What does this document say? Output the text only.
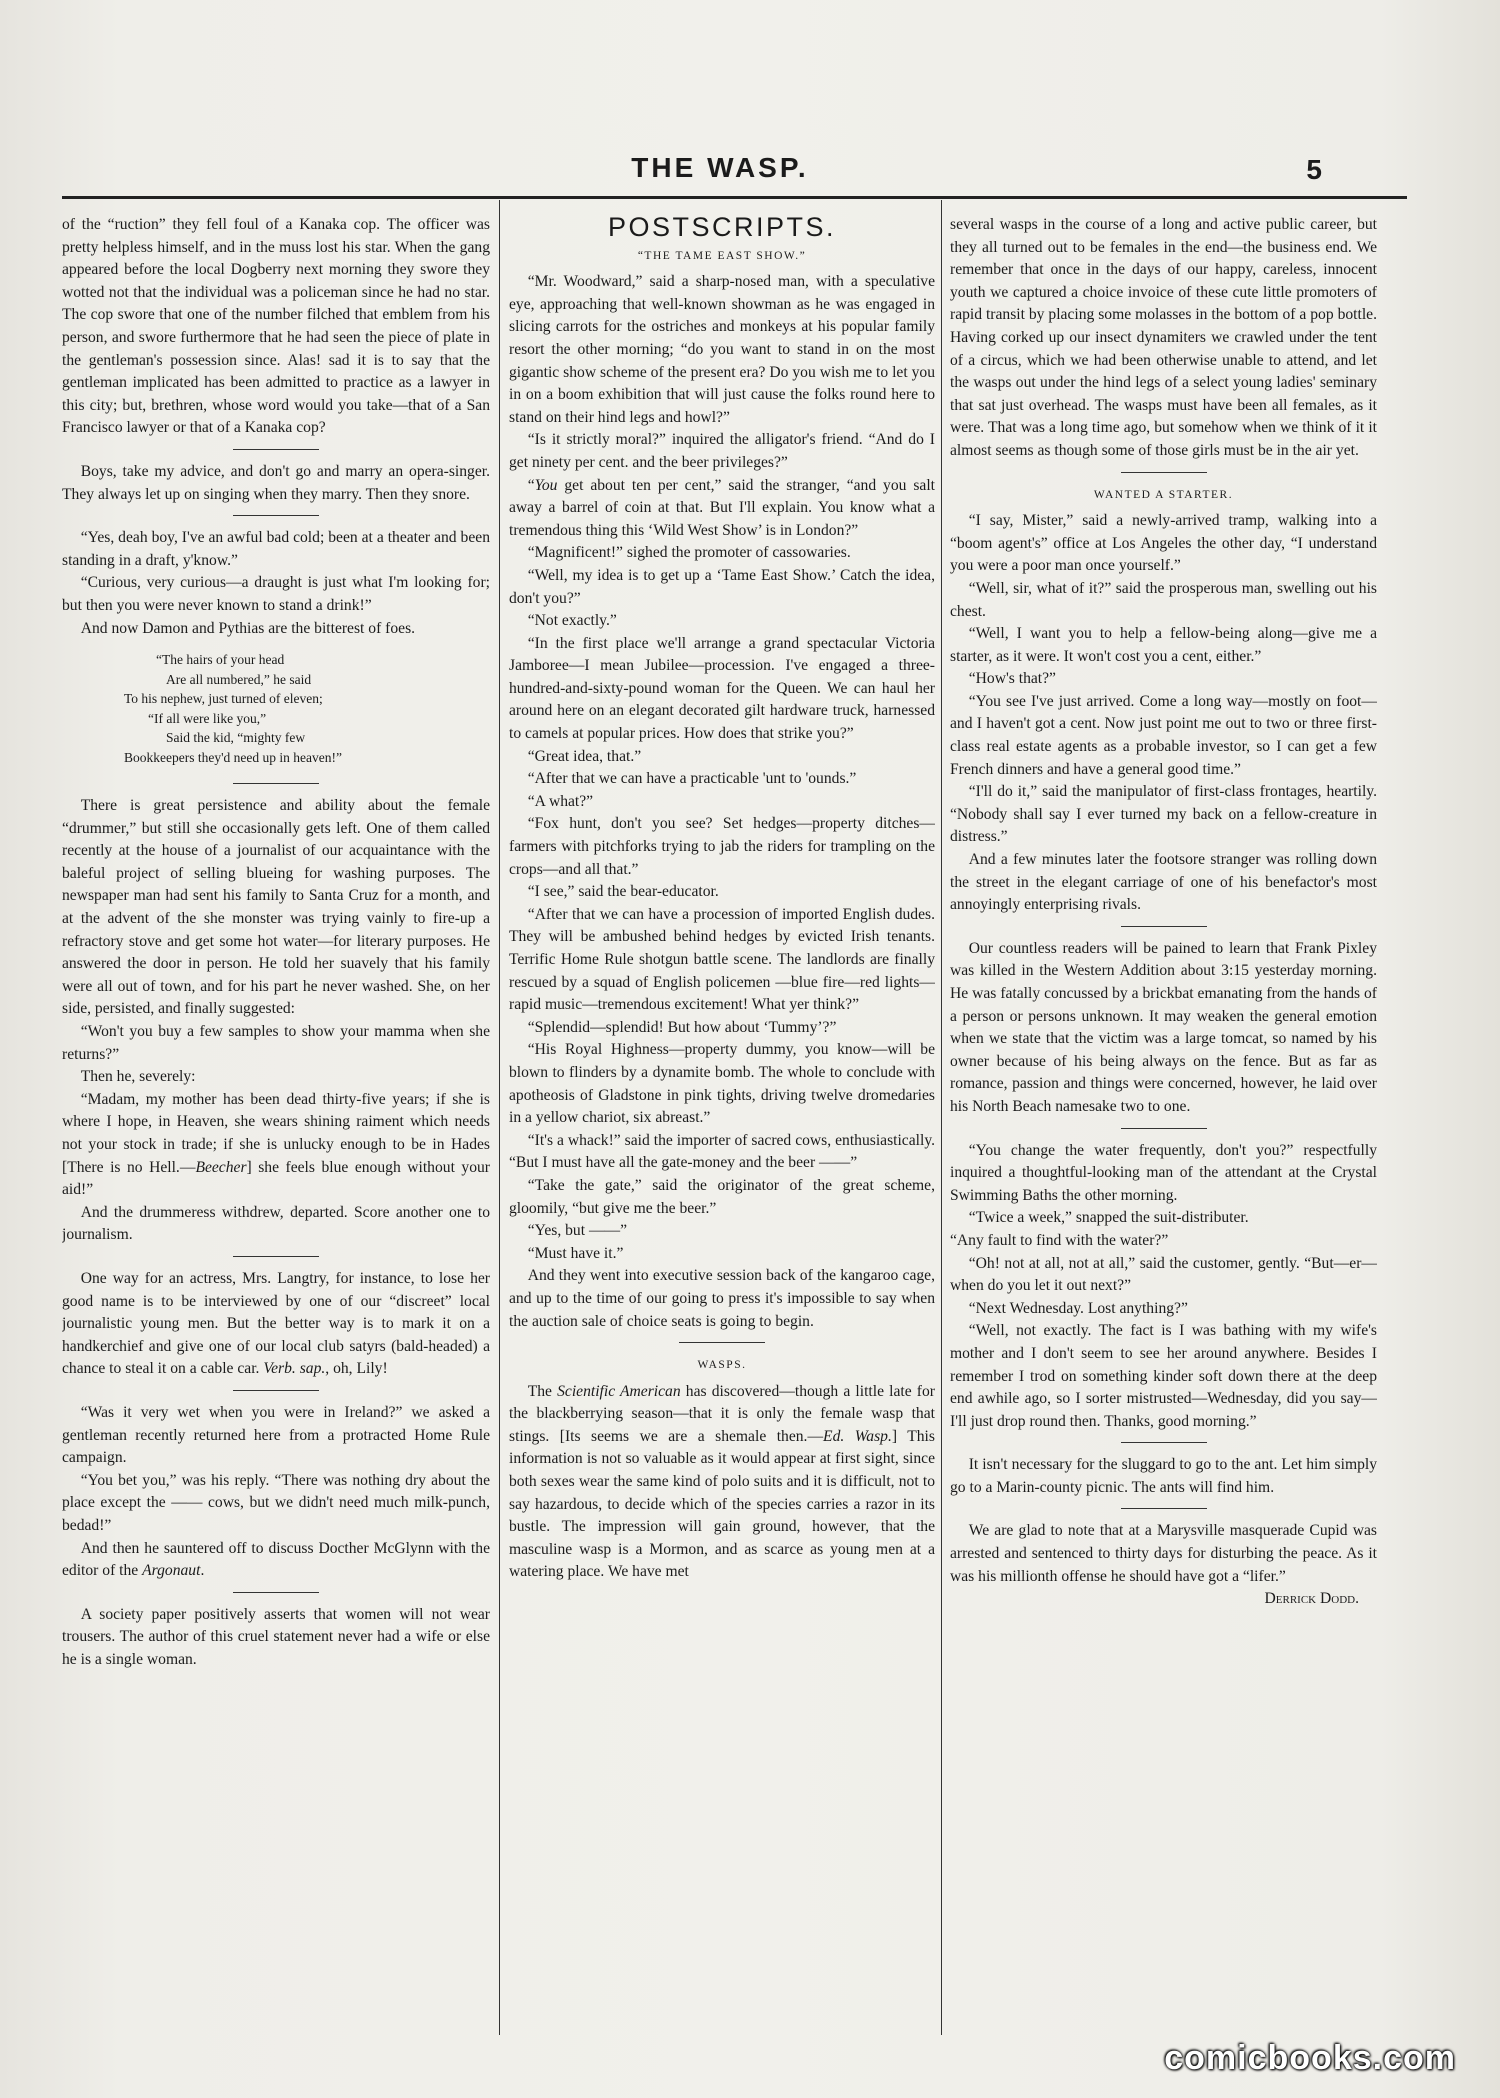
THE WASP.	5

of the “ruction” they fell foul of a Kanaka cop. The officer was pretty helpless himself, and in the muss lost his star. When the gang appeared before the local Dogberry next morning they swore they wotted not that the individual was a policeman since he had no star. The cop swore that one of the number filched that emblem from his person, and swore furthermore that he had seen the piece of plate in the gentleman's possession since. Alas! sad it is to say that the gentleman implicated has been admitted to practice as a lawyer in this city; but, brethren, whose word would you take—that of a San Francisco lawyer or that of a Kanaka cop?

Boys, take my advice, and don't go and marry an opera-singer. They always let up on singing when they marry. Then they snore.

“Yes, deah boy, I've an awful bad cold; been at a theater and been standing in a draft, y'know.”

“Curious, very curious—a draught is just what I'm looking for; but then you were never known to stand a drink!”

And now Damon and Pythias are the bitterest of foes.

“The hairs of your head
Are all numbered,” he said
To his nephew, just turned of eleven;
“If all were like you,”
Said the kid, “mighty few
Bookkeepers they'd need up in heaven!”

There is great persistence and ability about the female “drummer,” but still she occasionally gets left. One of them called recently at the house of a journalist of our acquaintance with the baleful project of selling blueing for washing purposes. The newspaper man had sent his family to Santa Cruz for a month, and at the advent of the she monster was trying vainly to fire-up a refractory stove and get some hot water—for literary purposes. He answered the door in person. He told her suavely that his family were all out of town, and for his part he never washed. She, on her side, persisted, and finally suggested:

“Won't you buy a few samples to show your mamma when she returns?”

Then he, severely:

“Madam, my mother has been dead thirty-five years; if she is where I hope, in Heaven, she wears shining raiment which needs not your stock in trade; if she is unlucky enough to be in Hades [There is no Hell.—Beecher] she feels blue enough without your aid!”

And the drummeress withdrew, departed. Score another one to journalism.

One way for an actress, Mrs. Langtry, for instance, to lose her good name is to be interviewed by one of our “discreet” local journalistic young men. But the better way is to mark it on a handkerchief and give one of our local club satyrs (bald-headed) a chance to steal it on a cable car. Verb. sap., oh, Lily!

“Was it very wet when you were in Ireland?” we asked a gentleman recently returned here from a protracted Home Rule campaign.

“You bet you,” was his reply. “There was nothing dry about the place except the —— cows, but we didn't need much milk-punch, bedad!”

And then he sauntered off to discuss Docther McGlynn with the editor of the Argonaut.

A society paper positively asserts that women will not wear trousers. The author of this cruel statement never had a wife or else he is a single woman.

POSTSCRIPTS.
“THE TAME EAST SHOW.”

“Mr. Woodward,” said a sharp-nosed man, with a speculative eye, approaching that well-known showman as he was engaged in slicing carrots for the ostriches and monkeys at his popular family resort the other morning; “do you want to stand in on the most gigantic show scheme of the present era? Do you wish me to let you in on a boom exhibition that will just cause the folks round here to stand on their hind legs and howl?”

“Is it strictly moral?” inquired the alligator's friend. “And do I get ninety per cent. and the beer privileges?”

“You get about ten per cent,” said the stranger, “and you salt away a barrel of coin at that. But I'll explain. You know what a tremendous thing this ‘Wild West Show’ is in London?”

“Magnificent!” sighed the promoter of cassowaries.

“Well, my idea is to get up a ‘Tame East Show.’ Catch the idea, don't you?”

“Not exactly.”

“In the first place we'll arrange a grand spectacular Victoria Jamboree—I mean Jubilee—procession. I've engaged a three-hundred-and-sixty-pound woman for the Queen. We can haul her around here on an elegant decorated gilt hardware truck, harnessed to camels at popular prices. How does that strike you?”

“Great idea, that.”

“After that we can have a practicable 'unt to 'ounds.”

“A what?”

“Fox hunt, don't you see? Set hedges—property ditches—farmers with pitchforks trying to jab the riders for trampling on the crops—and all that.”

“I see,” said the bear-educator.

“After that we can have a procession of imported English dudes. They will be ambushed behind hedges by evicted Irish tenants. Terrific Home Rule shotgun battle scene. The landlords are finally rescued by a squad of English policemen —blue fire—red lights—rapid music—tremendous excitement! What yer think?”

“Splendid—splendid! But how about ‘Tummy’?”

“His Royal Highness—property dummy, you know—will be blown to flinders by a dynamite bomb. The whole to conclude with apotheosis of Gladstone in pink tights, driving twelve dromedaries in a yellow chariot, six abreast.”

“It's a whack!” said the importer of sacred cows, enthusiastically. “But I must have all the gate-money and the beer ——”

“Take the gate,” said the originator of the great scheme, gloomily, “but give me the beer.”

“Yes, but ——”

“Must have it.”

And they went into executive session back of the kangaroo cage, and up to the time of our going to press it's impossible to say when the auction sale of choice seats is going to begin.

WASPS.

The Scientific American has discovered—though a little late for the blackberrying season—that it is only the female wasp that stings. [Its seems we are a shemale then.—Ed. Wasp.] This information is not so valuable as it would appear at first sight, since both sexes wear the same kind of polo suits and it is difficult, not to say hazardous, to decide which of the species carries a razor in its bustle. The impression will gain ground, however, that the masculine wasp is a Mormon, and as scarce as young men at a watering place. We have met

several wasps in the course of a long and active public career, but they all turned out to be females in the end—the business end. We remember that once in the days of our happy, careless, innocent youth we captured a choice invoice of these cute little promoters of rapid transit by placing some molasses in the bottom of a pop bottle. Having corked up our insect dynamiters we crawled under the tent of a circus, which we had been otherwise unable to attend, and let the wasps out under the hind legs of a select young ladies' seminary that sat just overhead. The wasps must have been all females, as it were. That was a long time ago, but somehow when we think of it it almost seems as though some of those girls must be in the air yet.

WANTED A STARTER.

“I say, Mister,” said a newly-arrived tramp, walking into a “boom agent's” office at Los Angeles the other day, “I understand you were a poor man once yourself.”

“Well, sir, what of it?” said the prosperous man, swelling out his chest.

“Well, I want you to help a fellow-being along—give me a starter, as it were. It won't cost you a cent, either.”

“How's that?”

“You see I've just arrived. Come a long way—mostly on foot—and I haven't got a cent. Now just point me out to two or three first-class real estate agents as a probable investor, so I can get a few French dinners and have a general good time.”

“I'll do it,” said the manipulator of first-class frontages, heartily. “Nobody shall say I ever turned my back on a fellow-creature in distress.”

And a few minutes later the footsore stranger was rolling down the street in the elegant carriage of one of his benefactor's most annoyingly enterprising rivals.

Our countless readers will be pained to learn that Frank Pixley was killed in the Western Addition about 3:15 yesterday morning. He was fatally concussed by a brickbat emanating from the hands of a person or persons unknown. It may weaken the general emotion when we state that the victim was a large tomcat, so named by his owner because of his being always on the fence. But as far as romance, passion and things were concerned, however, he laid over his North Beach namesake two to one.

“You change the water frequently, don't you?” respectfully inquired a thoughtful-looking man of the attendant at the Crystal Swimming Baths the other morning.

“Twice a week,” snapped the suit-distributer.

“Any fault to find with the water?”

“Oh! not at all, not at all,” said the customer, gently. “But—er—when do you let it out next?”

“Next Wednesday. Lost anything?”

“Well, not exactly. The fact is I was bathing with my wife's mother and I don't seem to see her around anywhere. Besides I remember I trod on something kinder soft down there at the deep end awhile ago, so I sorter mistrusted—Wednesday, did you say—I'll just drop round then. Thanks, good morning.”

It isn't necessary for the sluggard to go to the ant. Let him simply go to a Marin-county picnic. The ants will find him.

We are glad to note that at a Marysville masquerade Cupid was arrested and sentenced to thirty days for disturbing the peace. As it was his millionth offense he should have got a “lifer.”

Derrick Dodd.

comicbooks.com
